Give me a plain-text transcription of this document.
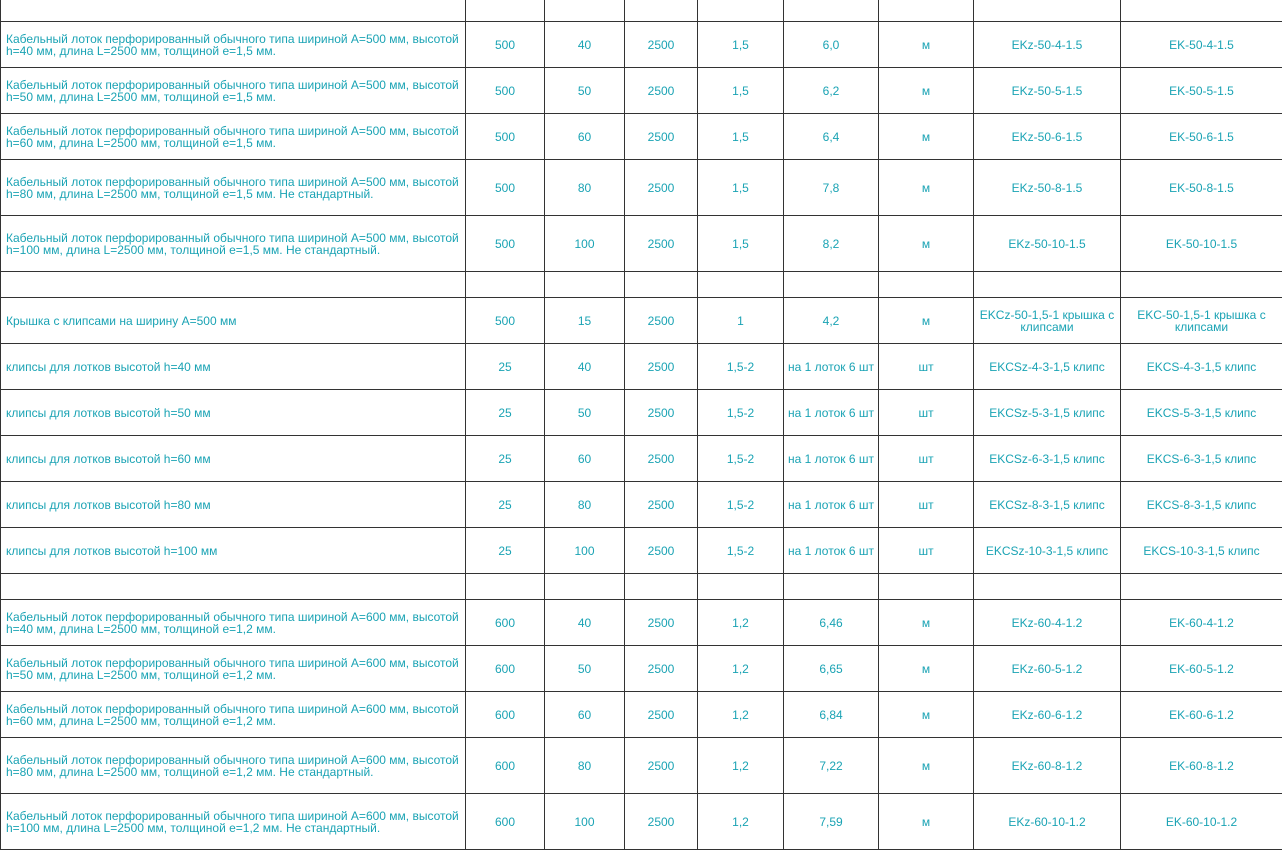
Кабельный лоток перфорированный обычного типа шириной А=500 мм, высотой h=40 мм, длина L=2500 мм, толщиной е=1,5 мм.	500	40	2500	1,5	6,0	м	EKz-50-4-1.5	EK-50-4-1.5
Кабельный лоток перфорированный обычного типа шириной А=500 мм, высотой h=50 мм, длина L=2500 мм, толщиной е=1,5 мм.	500	50	2500	1,5	6,2	м	EKz-50-5-1.5	EK-50-5-1.5
Кабельный лоток перфорированный обычного типа шириной А=500 мм, высотой h=60 мм, длина L=2500 мм, толщиной е=1,5 мм.	500	60	2500	1,5	6,4	м	EKz-50-6-1.5	EK-50-6-1.5
Кабельный лоток перфорированный обычного типа шириной А=500 мм, высотой h=80 мм, длина L=2500 мм, толщиной е=1,5 мм. Не стандартный.	500	80	2500	1,5	7,8	м	EKz-50-8-1.5	EK-50-8-1.5
Кабельный лоток перфорированный обычного типа шириной А=500 мм, высотой h=100 мм, длина L=2500 мм, толщиной е=1,5 мм. Не стандартный.	500	100	2500	1,5	8,2	м	EKz-50-10-1.5	EK-50-10-1.5

Крышка с клипсами на ширину А=500 мм	500	15	2500	1	4,2	м	EKCz-50-1,5-1 крышка с клипсами	EKC-50-1,5-1 крышка с клипсами
клипсы для лотков высотой h=40 мм	25	40	2500	1,5-2	на 1 лоток 6 шт	шт	EKCSz-4-3-1,5 клипс	EKCS-4-3-1,5 клипс
клипсы для лотков высотой h=50 мм	25	50	2500	1,5-2	на 1 лоток 6 шт	шт	EKCSz-5-3-1,5 клипс	EKCS-5-3-1,5 клипс
клипсы для лотков высотой h=60 мм	25	60	2500	1,5-2	на 1 лоток 6 шт	шт	EKCSz-6-3-1,5 клипс	EKCS-6-3-1,5 клипс
клипсы для лотков высотой h=80 мм	25	80	2500	1,5-2	на 1 лоток 6 шт	шт	EKCSz-8-3-1,5 клипс	EKCS-8-3-1,5 клипс
клипсы для лотков высотой h=100 мм	25	100	2500	1,5-2	на 1 лоток 6 шт	шт	EKCSz-10-3-1,5 клипс	EKCS-10-3-1,5 клипс

Кабельный лоток перфорированный обычного типа шириной А=600 мм, высотой h=40 мм, длина L=2500 мм, толщиной е=1,2 мм.	600	40	2500	1,2	6,46	м	EKz-60-4-1.2	EK-60-4-1.2
Кабельный лоток перфорированный обычного типа шириной А=600 мм, высотой h=50 мм, длина L=2500 мм, толщиной е=1,2 мм.	600	50	2500	1,2	6,65	м	EKz-60-5-1.2	EK-60-5-1.2
Кабельный лоток перфорированный обычного типа шириной А=600 мм, высотой h=60 мм, длина L=2500 мм, толщиной е=1,2 мм.	600	60	2500	1,2	6,84	м	EKz-60-6-1.2	EK-60-6-1.2
Кабельный лоток перфорированный обычного типа шириной А=600 мм, высотой h=80 мм, длина L=2500 мм, толщиной е=1,2 мм. Не стандартный.	600	80	2500	1,2	7,22	м	EKz-60-8-1.2	EK-60-8-1.2
Кабельный лоток перфорированный обычного типа шириной А=600 мм, высотой h=100 мм, длина L=2500 мм, толщиной е=1,2 мм. Не стандартный.	600	100	2500	1,2	7,59	м	EKz-60-10-1.2	EK-60-10-1.2
